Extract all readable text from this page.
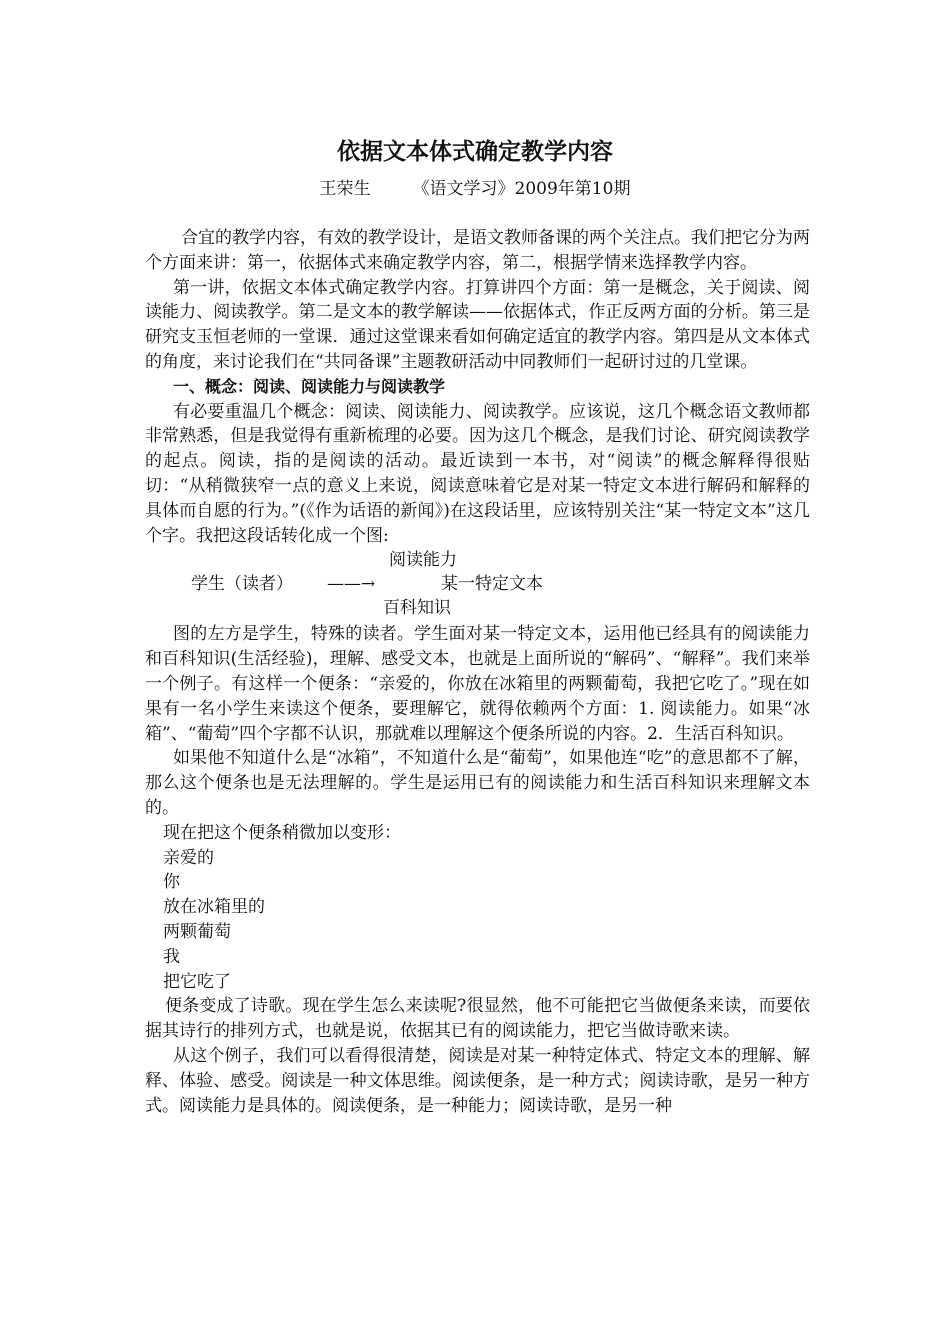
依据文本体式确定教学内容
王荣生 《语文学习》2009年第10期

合宜的教学内容，有效的教学设计，是语文教师备课的两个关注点。我们把它分为两个方面来讲：第一，依据体式来确定教学内容，第二，根据学情来选择教学内容。

第一讲，依据文本体式确定教学内容。打算讲四个方面：第一是概念，关于阅读、阅读能力、阅读教学。第二是文本的教学解读——依据体式，作正反两方面的分析。第三是研究支玉恒老师的一堂课．通过这堂课来看如何确定适宜的教学内容。第四是从文本体式的角度，来讨论我们在“共同备课”主题教研活动中同教师们一起研讨过的几堂课。

一、概念：阅读、阅读能力与阅读教学

有必要重温几个概念：阅读、阅读能力、阅读教学。应该说，这几个概念语文教师都非常熟悉，但是我觉得有重新梳理的必要。因为这几个概念，是我们讨论、研究阅读教学的起点。阅读，指的是阅读的活动。最近读到一本书，对“阅读”的概念解释得很贴切：“从稍微狭窄一点的意义上来说，阅读意味着它是对某一特定文本进行解码和解释的具体而自愿的行为。”(《作为话语的新闻》)在这段话里，应该特别关注“某一特定文本”这几个字。我把这段话转化成一个图:

阅读能力
学生（读者） ——→	某一特定文本
百科知识

图的左方是学生，特殊的读者。学生面对某一特定文本，运用他已经具有的阅读能力和百科知识(生活经验)，理解、感受文本，也就是上面所说的“解码”、“解释”。我们来举一个例子。有这样一个便条：“亲爱的，你放在冰箱里的两颗葡萄，我把它吃了。”现在如果有一名小学生来读这个便条，要理解它，就得依赖两个方面：1. 阅读能力。如果“冰箱”、“葡萄”四个字都不认识，那就难以理解这个便条所说的内容。2．生活百科知识。

如果他不知道什么是“冰箱”，不知道什么是“葡萄”，如果他连“吃”的意思都不了解，那么这个便条也是无法理解的。学生是运用已有的阅读能力和生活百科知识来理解文本的。

现在把这个便条稍微加以变形：

亲爱的

你

放在冰箱里的

两颗葡萄

我

把它吃了

便条变成了诗歌。现在学生怎么来读呢?很显然，他不可能把它当做便条来读，而要依据其诗行的排列方式，也就是说，依据其已有的阅读能力，把它当做诗歌来读。

从这个例子，我们可以看得很清楚，阅读是对某一种特定体式、特定文本的理解、解释、体验、感受。阅读是一种文体思维。阅读便条，是一种方式；阅读诗歌，是另一种方式。阅读能力是具体的。阅读便条，是一种能力；阅读诗歌，是另一种
